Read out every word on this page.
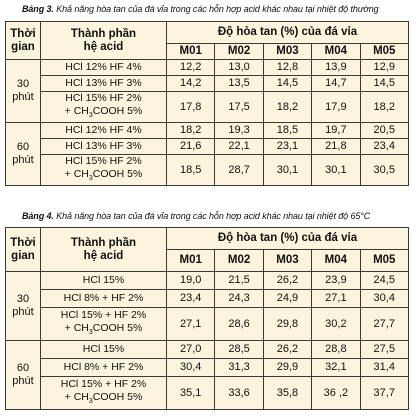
Bảng 3. Khả năng hòa tan của đá vỉa trong các hỗn hợp acid khác nhau tại nhiệt độ thường
Thời
gian	Thành phần
hệ acid	Độ hòa tan (%) của đá vỉa				
		M01	M02	M03	M04	M05
30
phút	HCl 12% HF 4%	12,2	13,0	12,8	13,9	12,9
	HCl 13% HF 3%	14,2	13,5	14,5	14,7	14,5
	HCl 15% HF 2%
+ $CH_3COOH$ 5%	17,8	17,5	18,2	17,9	18,2
60
phút	HCl 12% HF 4%	18,2	19,3	18,5	19,7	20,5
	HCl 13% HF 3%	21,6	22,1	23,1	21,8	23,4
	HCl 15% HF 2%
+ $CH_3COOH$ 5%	18,5	28,7	30,1	30,1	30,5
Bảng 4. Khả năng hòa tan của đá vỉa trong các hỗn hợp acid khác nhau tại nhiệt độ 65°C
Thời
gian	Thành phần
hệ acid	Độ hòa tan (%) của đá vỉa				
		M01	M02	M03	M04	M05
30
phút	HCl 15%	19,0	21,5	26,2	23,9	24,5
	HCl 8% + HF 2%	23,4	24,3	24,9	27,1	30,4
	HCl 15% + HF 2%
+ $CH_3COOH$ 5%	27,1	28,6	29,8	30,2	27,7
60
phút	HCl 15%	27,0	28,5	26,2	28,8	27,5
	HCl 8% + HF 2%	30,4	31,3	29,9	32,1	31,4
	HCl 15% + HF 2%
+ $CH_3COOH$ 5%	35,1	33,6	35,8	36 ,2	37,7
